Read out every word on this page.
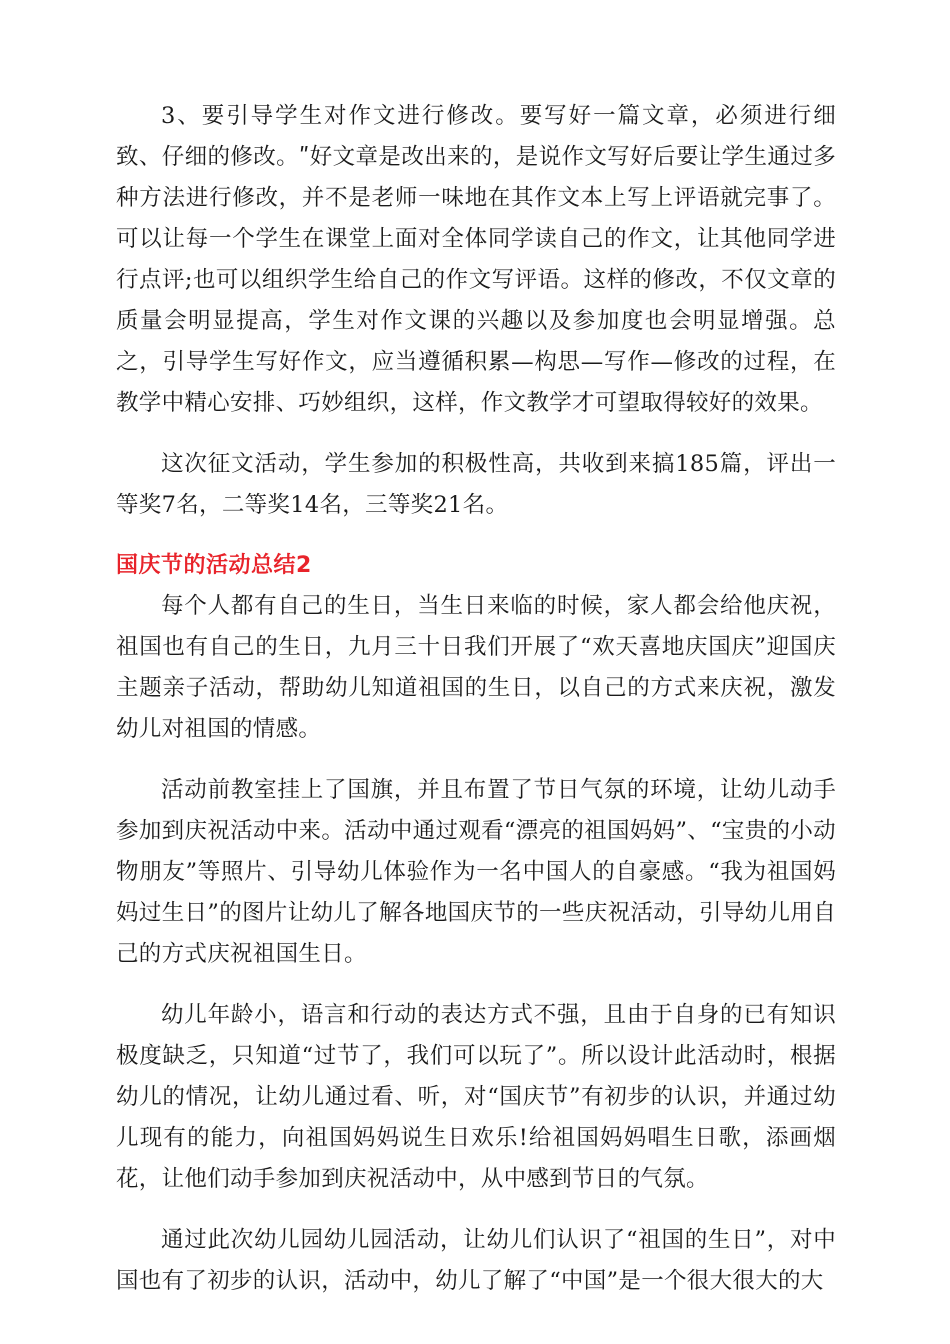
3、要引导学生对作文进行修改。要写好一篇文章，必须进行细致、仔细的修改。ʺ好文章是改出来的，是说作文写好后要让学生通过多种方法进行修改，并不是老师一味地在其作文本上写上评语就完事了。可以让每一个学生在课堂上面对全体同学读自己的作文，让其他同学进行点评;也可以组织学生给自己的作文写评语。这样的修改，不仅文章的质量会明显提高，学生对作文课的兴趣以及参加度也会明显增强。总之，引导学生写好作文，应当遵循积累—构思—写作—修改的过程，在教学中精心安排、巧妙组织，这样，作文教学才可望取得较好的效果。

这次征文活动，学生参加的积极性高，共收到来搞185篇，评出一等奖7名，二等奖14名，三等奖21名。

国庆节的活动总结2

每个人都有自己的生日，当生日来临的时候，家人都会给他庆祝，祖国也有自己的生日，九月三十日我们开展了“欢天喜地庆国庆”迎国庆主题亲子活动，帮助幼儿知道祖国的生日，以自己的方式来庆祝，激发幼儿对祖国的情感。

活动前教室挂上了国旗，并且布置了节日气氛的环境，让幼儿动手参加到庆祝活动中来。活动中通过观看“漂亮的祖国妈妈”、“宝贵的小动物朋友”等照片、引导幼儿体验作为一名中国人的自豪感。“我为祖国妈妈过生日”的图片让幼儿了解各地国庆节的一些庆祝活动，引导幼儿用自己的方式庆祝祖国生日。

幼儿年龄小，语言和行动的表达方式不强，且由于自身的已有知识极度缺乏，只知道“过节了，我们可以玩了”。所以设计此活动时，根据幼儿的情况，让幼儿通过看、听，对“国庆节”有初步的认识，并通过幼儿现有的能力，向祖国妈妈说生日欢乐!给祖国妈妈唱生日歌，添画烟花，让他们动手参加到庆祝活动中，从中感到节日的气氛。

通过此次幼儿园幼儿园活动，让幼儿们认识了“祖国的生日”，对中国也有了初步的认识，活动中，幼儿了解了“中国”是一个很大很大的大
